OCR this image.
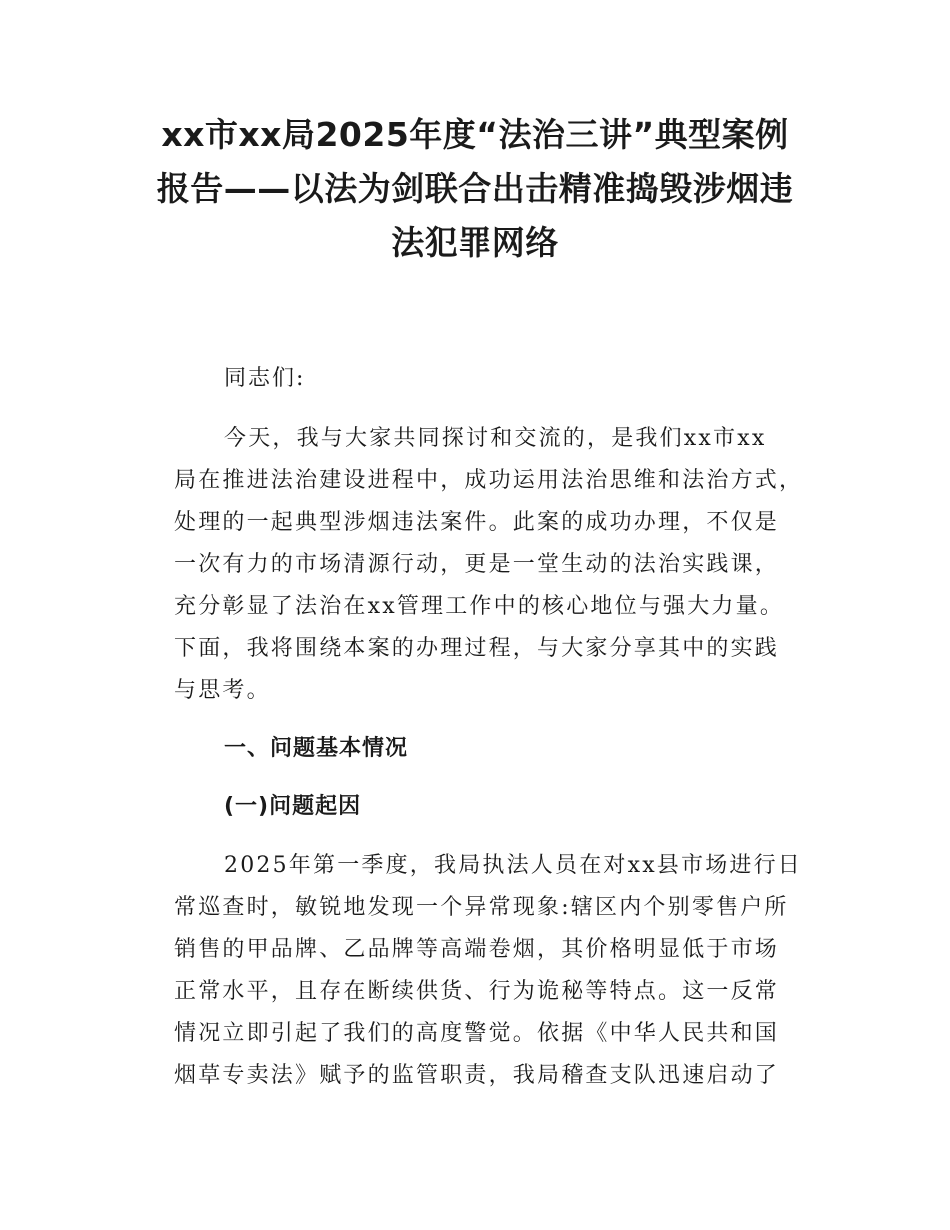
xx市xx局2025年度“法治三讲”典型案例
报告——以法为剑联合出击精准捣毁涉烟违
法犯罪网络

同志们:

今天，我与大家共同探讨和交流的，是我们xx市xx
局在推进法治建设进程中，成功运用法治思维和法治方式，
处理的一起典型涉烟违法案件。此案的成功办理，不仅是
一次有力的市场清源行动，更是一堂生动的法治实践课，
充分彰显了法治在xx管理工作中的核心地位与强大力量。
下面，我将围绕本案的办理过程，与大家分享其中的实践
与思考。
一、问题基本情况
(一)问题起因
2025年第一季度，我局执法人员在对xx县市场进行日
常巡查时，敏锐地发现一个异常现象:辖区内个别零售户所
销售的甲品牌、乙品牌等高端卷烟，其价格明显低于市场
正常水平，且存在断续供货、行为诡秘等特点。这一反常
情况立即引起了我们的高度警觉。依据《中华人民共和国
烟草专卖法》赋予的监管职责，我局稽查支队迅速启动了
